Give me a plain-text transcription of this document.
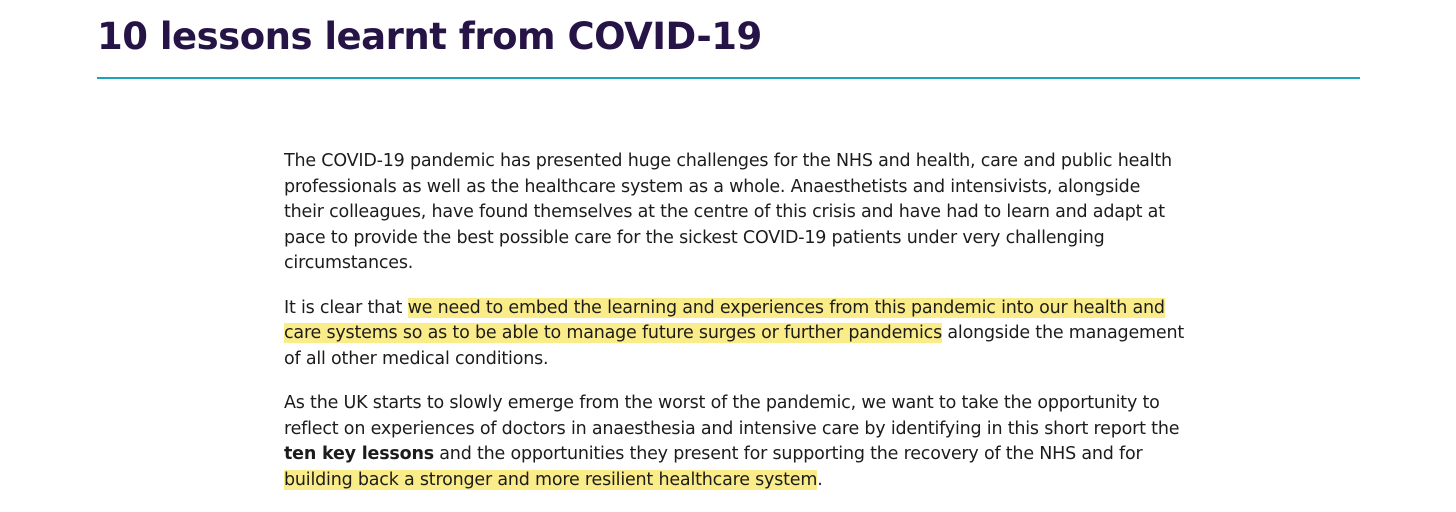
10 lessons learnt from COVID-19

The COVID-19 pandemic has presented huge challenges for the NHS and health, care and public health professionals as well as the healthcare system as a whole. Anaesthetists and intensivists, alongside their colleagues, have found themselves at the centre of this crisis and have had to learn and adapt at pace to provide the best possible care for the sickest COVID-19 patients under very challenging circumstances.

It is clear that we need to embed the learning and experiences from this pandemic into our health and care systems so as to be able to manage future surges or further pandemics alongside the management of all other medical conditions.

As the UK starts to slowly emerge from the worst of the pandemic, we want to take the opportunity to reflect on experiences of doctors in anaesthesia and intensive care by identifying in this short report the ten key lessons and the opportunities they present for supporting the recovery of the NHS and for building back a stronger and more resilient healthcare system.
